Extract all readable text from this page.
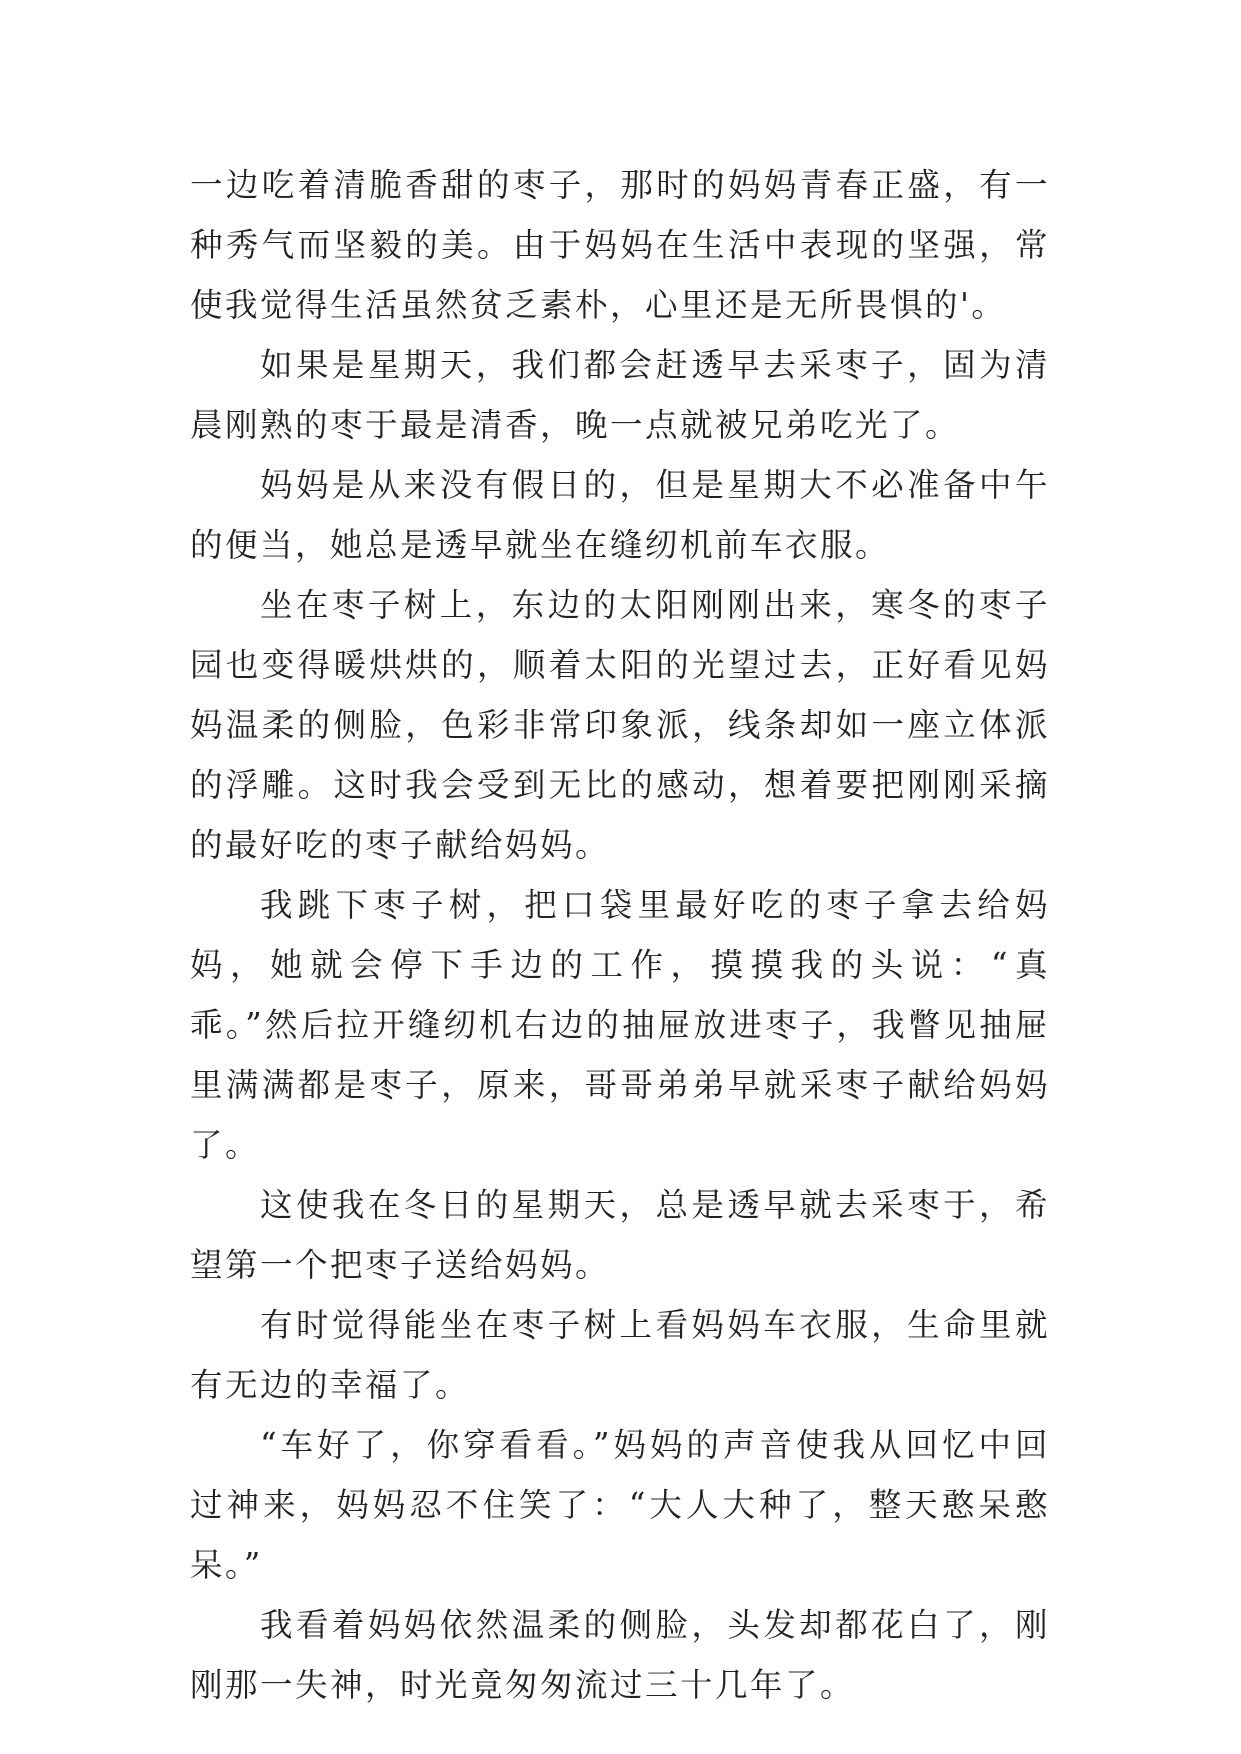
一边吃着清脆香甜的枣子，那时的妈妈青春正盛，有一种秀气而坚毅的美。由于妈妈在生活中表现的坚强，常使我觉得生活虽然贫乏素朴，心里还是无所畏惧的'。

如果是星期天，我们都会赶透早去采枣子，固为清晨刚熟的枣于最是清香，晚一点就被兄弟吃光了。

妈妈是从来没有假日的，但是星期大不必准备中午的便当，她总是透早就坐在缝纫机前车衣服。

坐在枣子树上，东边的太阳刚刚出来，寒冬的枣子园也变得暖烘烘的，顺着太阳的光望过去，正好看见妈妈温柔的侧脸，色彩非常印象派，线条却如一座立体派的浮雕。这时我会受到无比的感动，想着要把刚刚采摘的最好吃的枣子献给妈妈。

我跳下枣子树，把口袋里最好吃的枣子拿去给妈妈，她就会停下手边的工作，摸摸我的头说：“真乖。”然后拉开缝纫机右边的抽屉放进枣子，我瞥见抽屉里满满都是枣子，原来，哥哥弟弟早就采枣子献给妈妈了。

这使我在冬日的星期天，总是透早就去采枣于，希望第一个把枣子送给妈妈。

有时觉得能坐在枣子树上看妈妈车衣服，生命里就有无边的幸福了。

“车好了，你穿看看。”妈妈的声音使我从回忆中回过神来，妈妈忍不住笑了：“大人大种了，整天憨呆憨呆。”

我看着妈妈依然温柔的侧脸，头发却都花白了，刚刚那一失神，时光竟匆匆流过三十几年了。
